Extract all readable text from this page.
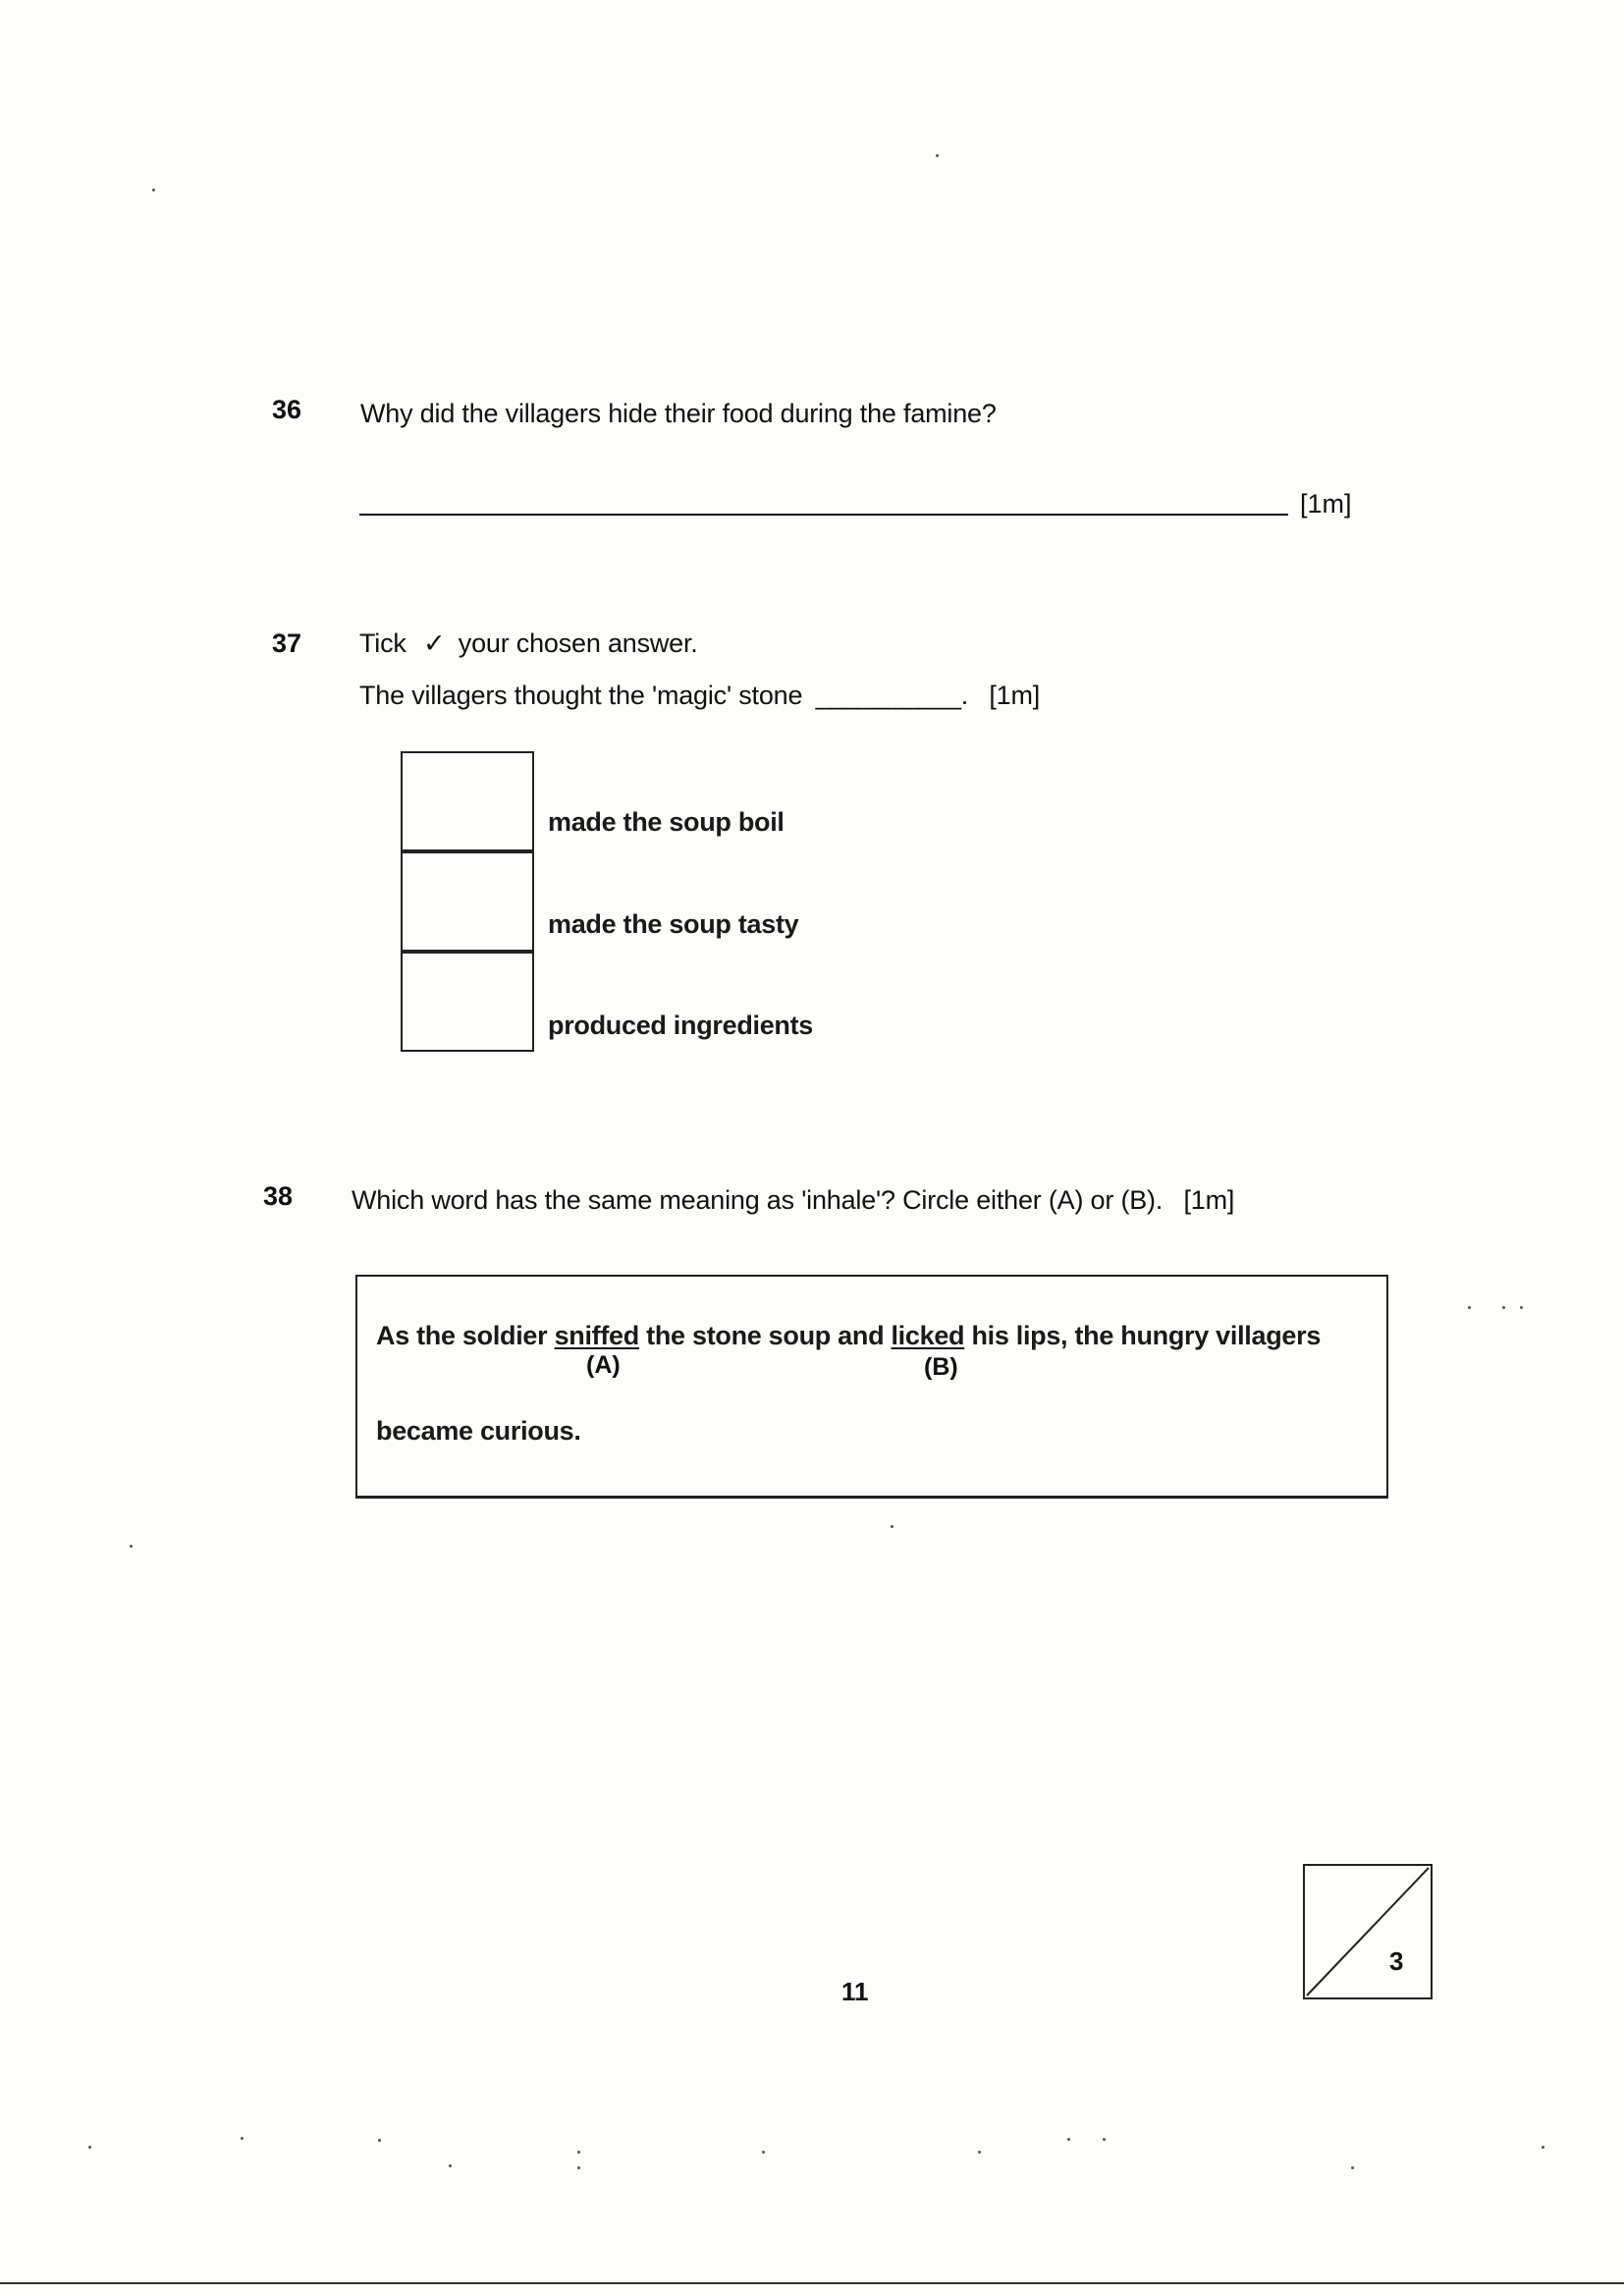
36 Why did the villagers hide their food during the famine?
[1m]
37 Tick ✓ your chosen answer.
The villagers thought the 'magic' stone __________. [1m]
made the soup boil
made the soup tasty
produced ingredients
38 Which word has the same meaning as 'inhale'? Circle either (A) or (B). [1m]
As the soldier sniffed the stone soup and licked his lips, the hungry villagers
(A)	(B)
became curious.
11
3
